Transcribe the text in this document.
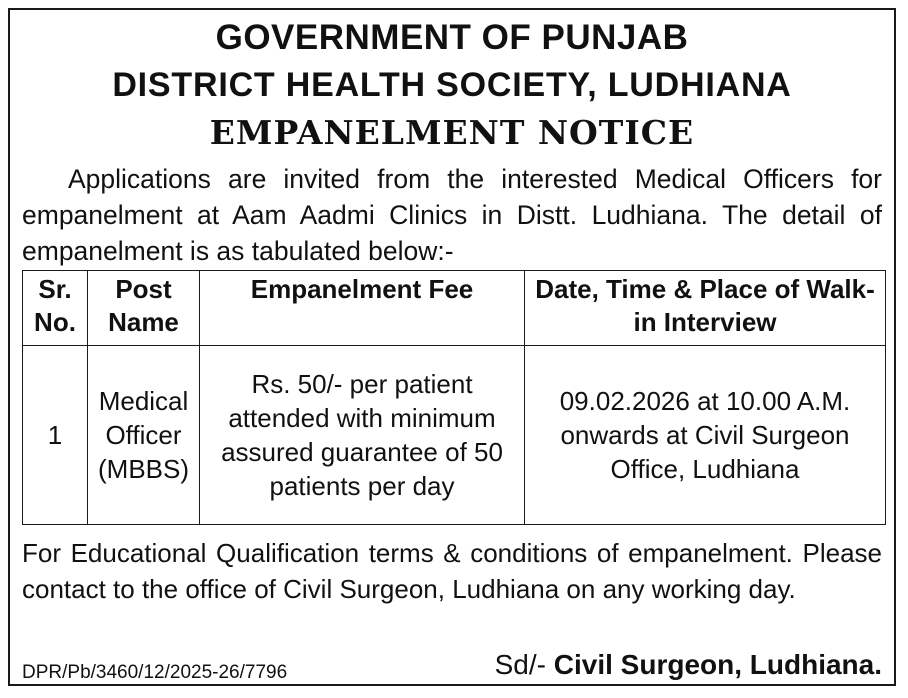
GOVERNMENT OF PUNJAB
DISTRICT HEALTH SOCIETY, LUDHIANA
EMPANELMENT NOTICE

Applications are invited from the interested Medical Officers for empanelment at Aam Aadmi Clinics in Distt. Ludhiana. The detail of empanelment is as tabulated below:-

Sr. No.	Post Name	Empanelment Fee	Date, Time & Place of Walk-in Interview
1	Medical Officer (MBBS)	Rs. 50/- per patient attended with minimum assured guarantee of 50 patients per day	09.02.2026 at 10.00 A.M. onwards at Civil Surgeon Office, Ludhiana
For Educational Qualification terms & conditions of empanelment. Please contact to the office of Civil Surgeon, Ludhiana on any working day.
DPR/Pb/3460/12/2025-26/7796	Sd/- Civil Surgeon, Ludhiana.
